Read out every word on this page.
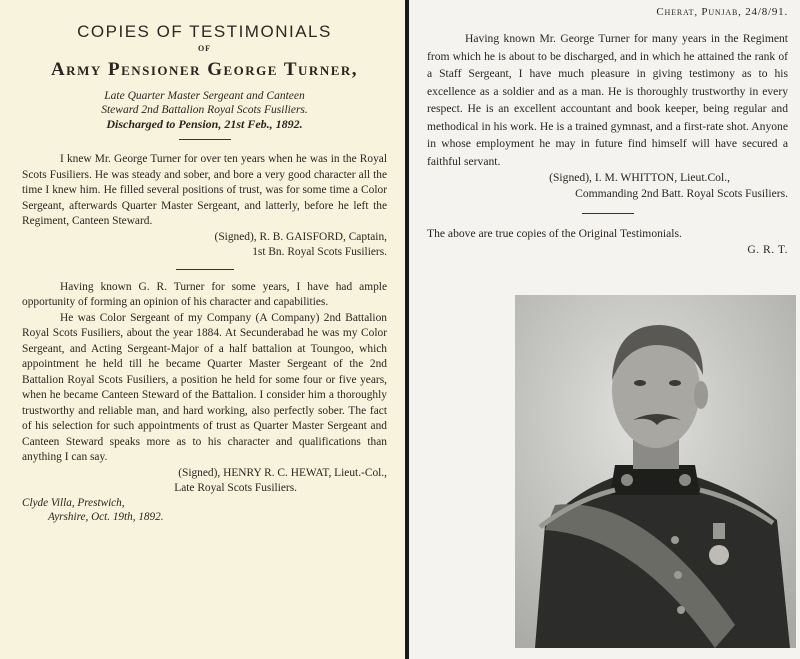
COPIES OF TESTIMONIALS
OF
Army Pensioner George Turner,
Late Quarter Master Sergeant and Canteen
Steward 2nd Battalion Royal Scots Fusiliers.
Discharged to Pension, 21st Feb., 1892.

I knew Mr. George Turner for over ten years when he was in the Royal Scots Fusiliers. He was steady and sober, and bore a very good character all the time I knew him. He filled several positions of trust, was for some time a Color Sergeant, afterwards Quarter Master Sergeant, and latterly, before he left the Regiment, Canteen Steward.

(Signed), R. B. GAISFORD, Captain,

1st Bn. Royal Scots Fusiliers.

Having known G. R. Turner for some years, I have had ample opportunity of forming an opinion of his character and capabilities.

He was Color Sergeant of my Company (A Company) 2nd Battalion Royal Scots Fusiliers, about the year 1884. At Secunderabad he was my Color Sergeant, and Acting Sergeant-Major of a half battalion at Toungoo, which appointment he held till he became Quarter Master Sergeant of the 2nd Battalion Royal Scots Fusiliers, a position he held for some four or five years, when he became Canteen Steward of the Battalion. I consider him a thoroughly trustworthy and reliable man, and hard working, also perfectly sober. The fact of his selection for such appointments of trust as Quarter Master Sergeant and Canteen Steward speaks more as to his character and qualifications than anything I can say.

(Signed), HENRY R. C. HEWAT, Lieut.-Col.,

Late Royal Scots Fusiliers.

Clyde Villa, Prestwich,
Ayrshire, Oct. 19th, 1892.

Cherat, Punjab, 24/8/91.

Having known Mr. George Turner for many years in the Regiment from which he is about to be discharged, and in which he attained the rank of a Staff Sergeant, I have much pleasure in giving testimony as to his excellence as a soldier and as a man. He is thoroughly trustworthy in every respect. He is an excellent accountant and book keeper, being regular and methodical in his work. He is a trained gymnast, and a first-rate shot. Anyone in whose employment he may in future find himself will have secured a faithful servant.

(Signed), I. M. WHITTON, Lieut.Col.,

Commanding 2nd Batt. Royal Scots Fusiliers.

The above are true copies of the Original Testimonials.

G. R. T.
